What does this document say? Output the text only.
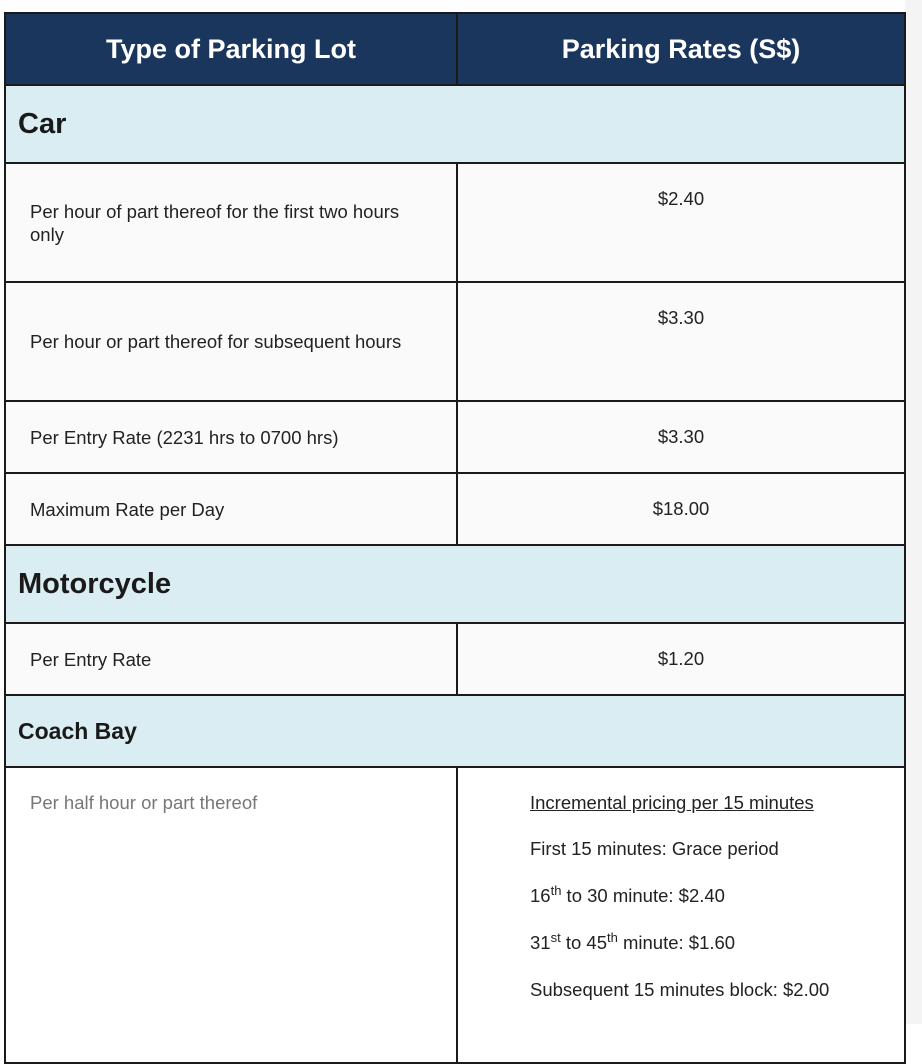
Type of Parking Lot	Parking Rates (S$)
Car	
Per hour of part thereof for the first two hours only	$2.40
Per hour or part thereof for subsequent hours	$3.30
Per Entry Rate (2231 hrs to 0700 hrs)	$3.30
Maximum Rate per Day	$18.00
Motorcycle	
Per Entry Rate	$1.20
Coach Bay	
Per half hour or part thereof	Incremental pricing per 15 minutes
First 15 minutes: Grace period
16th to 30 minute: $2.40
31st to 45th minute: $1.60
Subsequent 15 minutes block: $2.00
